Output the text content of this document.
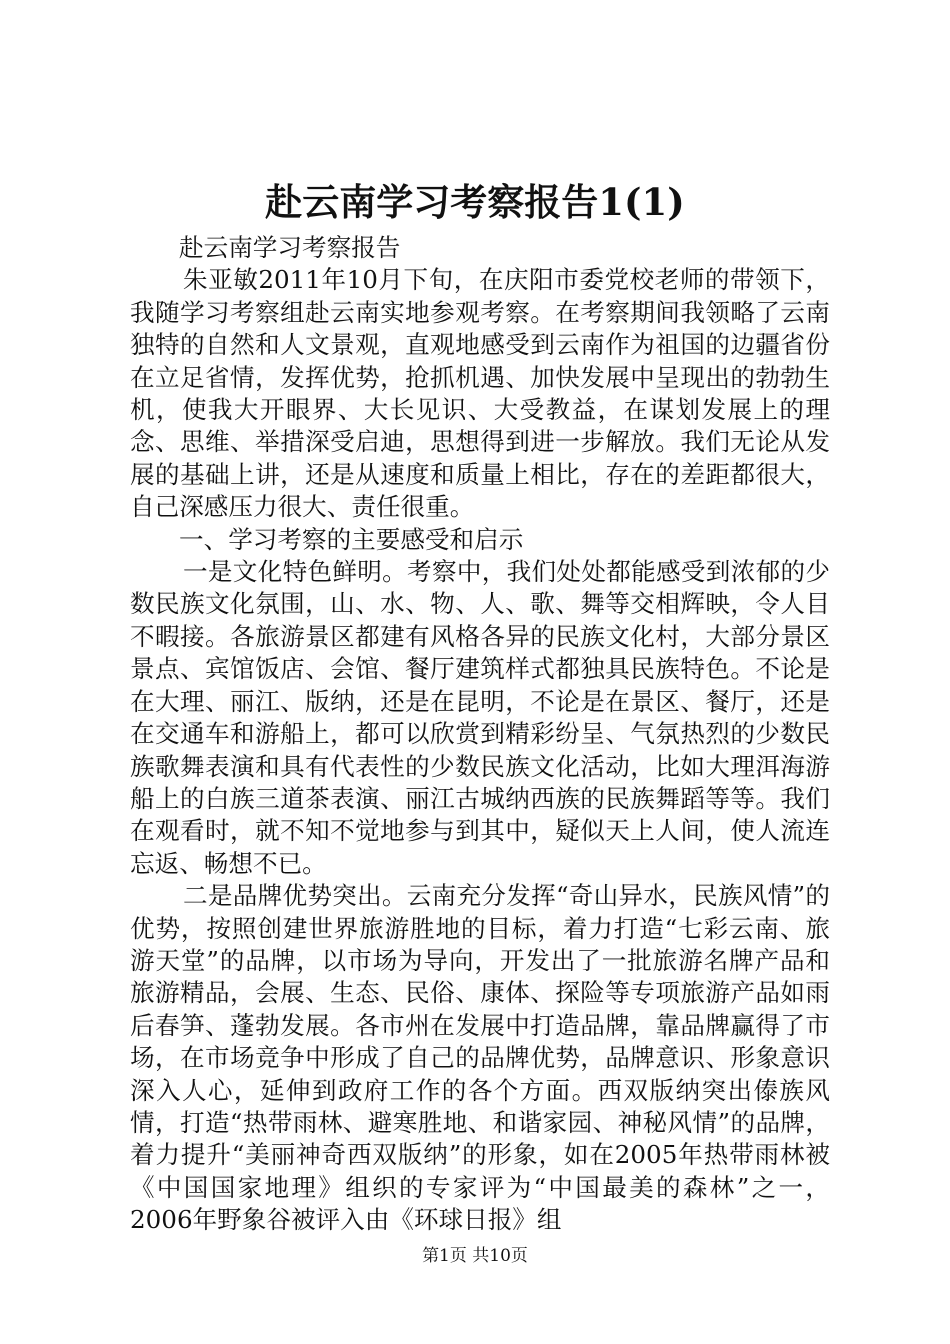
赴云南学习考察报告1(1)

赴云南学习考察报告

朱亚敏2011年10月下旬，在庆阳市委党校老师的带领下，我随学习考察组赴云南实地参观考察。在考察期间我领略了云南独特的自然和人文景观，直观地感受到云南作为祖国的边疆省份在立足省情，发挥优势，抢抓机遇、加快发展中呈现出的勃勃生机，使我大开眼界、大长见识、大受教益，在谋划发展上的理念、思维、举措深受启迪，思想得到进一步解放。我们无论从发展的基础上讲，还是从速度和质量上相比，存在的差距都很大，自己深感压力很大、责任很重。

一、学习考察的主要感受和启示

一是文化特色鲜明。考察中，我们处处都能感受到浓郁的少数民族文化氛围，山、水、物、人、歌、舞等交相辉映，令人目不暇接。各旅游景区都建有风格各异的民族文化村，大部分景区景点、宾馆饭店、会馆、餐厅建筑样式都独具民族特色。不论是在大理、丽江、版纳，还是在昆明，不论是在景区、餐厅，还是在交通车和游船上，都可以欣赏到精彩纷呈、气氛热烈的少数民族歌舞表演和具有代表性的少数民族文化活动，比如大理洱海游船上的白族三道茶表演、丽江古城纳西族的民族舞蹈等等。我们在观看时，就不知不觉地参与到其中，疑似天上人间，使人流连忘返、畅想不已。

二是品牌优势突出。云南充分发挥“奇山异水，民族风情”的优势，按照创建世界旅游胜地的目标，着力打造“七彩云南、旅游天堂”的品牌，以市场为导向，开发出了一批旅游名牌产品和旅游精品，会展、生态、民俗、康体、探险等专项旅游产品如雨后春笋、蓬勃发展。各市州在发展中打造品牌，靠品牌赢得了市场，在市场竞争中形成了自己的品牌优势，品牌意识、形象意识深入人心，延伸到政府工作的各个方面。西双版纳突出傣族风情，打造“热带雨林、避寒胜地、和谐家园、神秘风情”的品牌，着力提升“美丽神奇西双版纳”的形象，如在2005年热带雨林被《中国国家地理》组织的专家评为“中国最美的森林”之一，2006年野象谷被评入由《环球日报》组

第1页 共10页
